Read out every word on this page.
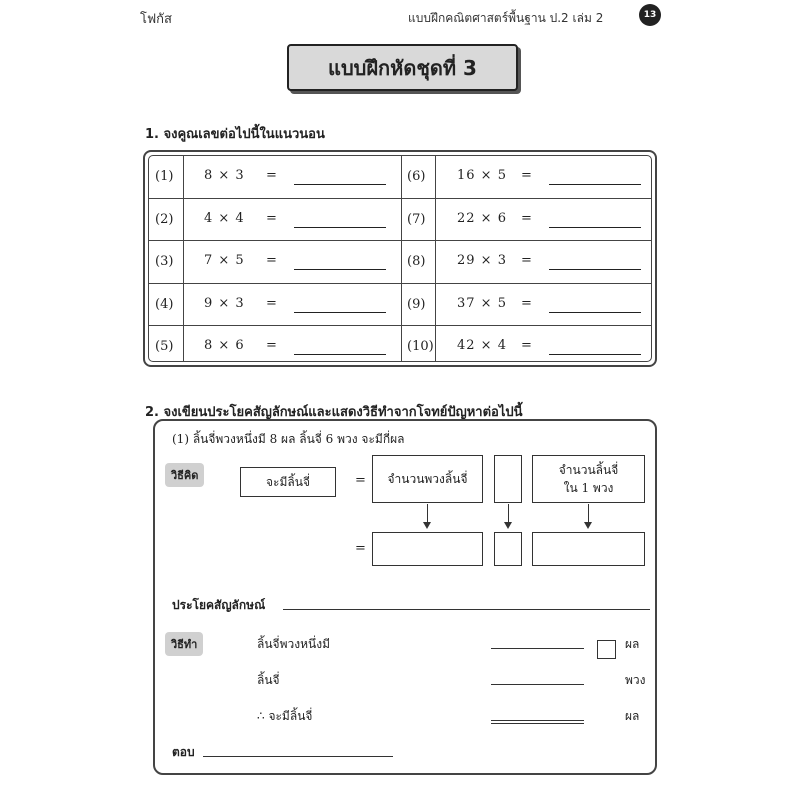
โฟกัส	แบบฝึกคณิตศาสตร์พื้นฐาน ป.2 เล่ม 2	13
แบบฝึกหัดชุดที่ 3
1. จงคูณเลขต่อไปนี้ในแนวนอน
(1) 8 × 3 =
(2) 4 × 4 =
(3) 7 × 5 =
(4) 9 × 3 =
(5) 8 × 6 =
(6) 16 × 5 =
(7) 22 × 6 =
(8) 29 × 3 =
(9) 37 × 5 =
(10) 42 × 4 =
2. จงเขียนประโยคสัญลักษณ์และแสดงวิธีทำจากโจทย์ปัญหาต่อไปนี้
(1) ลิ้นจี่พวงหนึ่งมี 8 ผล ลิ้นจี่ 6 พวง จะมีกี่ผล
วิธีคิด	จะมีลิ้นจี่	=	จำนวนพวงลิ้นจี่
จำนวนลิ้นจี่
ใน 1 พวง
=
ประโยคสัญลักษณ์
วิธีทำ	ลิ้นจี่พวงหนึ่งมี	ผล
ลิ้นจี่	พวง
∴ จะมีลิ้นจี่	ผล
ตอบ
